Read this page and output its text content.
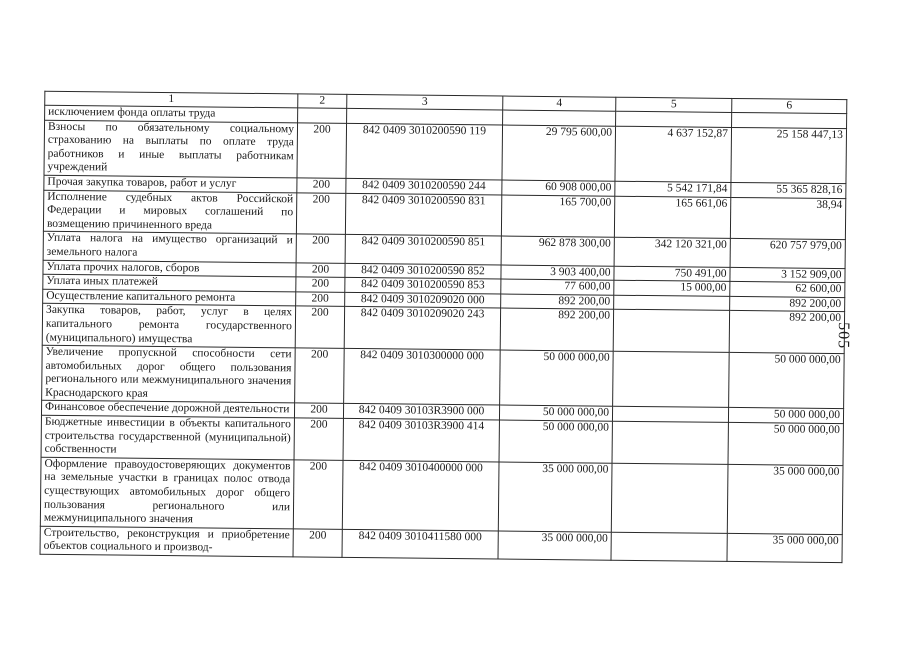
1	2	3	4	5	6
исключением фонда оплаты труда					
Взносы по обязательному социальному страхованию на выплаты по оплате труда работников и иные выплаты работникам учреждений	200	842 0409 3010200590 119	29 795 600,00	4 637 152,87	25 158 447,13
Прочая закупка товаров, работ и услуг	200	842 0409 3010200590 244	60 908 000,00	5 542 171,84	55 365 828,16
Исполнение судебных актов Российской Федерации и мировых соглашений по возмещению причиненного вреда	200	842 0409 3010200590 831	165 700,00	165 661,06	38,94
Уплата налога на имущество организаций и земельного налога	200	842 0409 3010200590 851	962 878 300,00	342 120 321,00	620 757 979,00
Уплата прочих налогов, сборов	200	842 0409 3010200590 852	3 903 400,00	750 491,00	3 152 909,00
Уплата иных платежей	200	842 0409 3010200590 853	77 600,00	15 000,00	62 600,00
Осуществление капитального ремонта	200	842 0409 3010209020 000	892 200,00		892 200,00
Закупка товаров, работ, услуг в целях капитального ремонта государственного (муниципального) имущества	200	842 0409 3010209020 243	892 200,00		892 200,00
Увеличение пропускной способности сети автомобильных дорог общего пользования регионального или межмуниципального значения Краснодарского края	200	842 0409 3010300000 000	50 000 000,00		50 000 000,00
Финансовое обеспечение дорожной деятельности	200	842 0409 30103R3900 000	50 000 000,00		50 000 000,00
Бюджетные инвестиции в объекты капитального строительства государственной (муниципальной) собственности	200	842 0409 30103R3900 414	50 000 000,00		50 000 000,00
Оформление правоудостоверяющих документов на земельные участки в границах полос отвода существующих автомобильных дорог общего пользования регионального или межмуниципального значения	200	842 0409 3010400000 000	35 000 000,00		35 000 000,00
Строительство, реконструкция и приобретение объектов социального и производ-	200	842 0409 3010411580 000	35 000 000,00		35 000 000,00
505
